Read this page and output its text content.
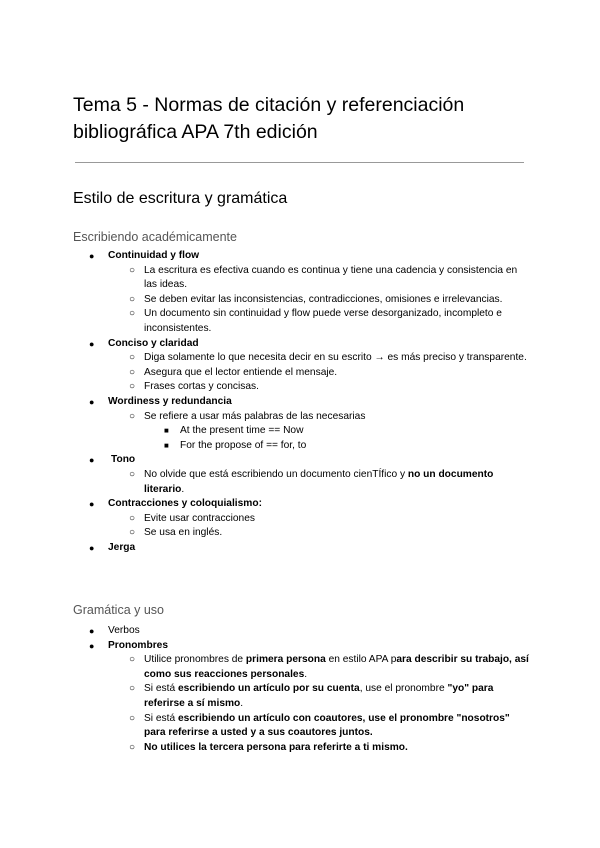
Tema 5 - Normas de citación y referenciación bibliográfica APA 7th edición
Estilo de escritura y gramática
Escribiendo académicamente
● Continuidad y flow
○ La escritura es efectiva cuando es continua y tiene una cadencia y consistencia en las ideas.
○ Se deben evitar las inconsistencias, contradicciones, omisiones e irrelevancias.
○ Un documento sin continuidad y flow puede verse desorganizado, incompleto e inconsistentes.
● Conciso y claridad
○ Diga solamente lo que necesita decir en su escrito → es más preciso y transparente.
○ Asegura que el lector entiende el mensaje.
○ Frases cortas y concisas.
● Wordiness y redundancia
○ Se refiere a usar más palabras de las necesarias
■ At the present time == Now
■ For the propose of == for, to
● Tono
○ No olvide que está escribiendo un documento cienTÍfico y no un documento literario.
● Contracciones y coloquialismo:
○ Evite usar contracciones
○ Se usa en inglés.
● Jerga
Gramática y uso
● Verbos
● Pronombres
○ Utilice pronombres de primera persona en estilo APA para describir su trabajo, así como sus reacciones personales.
○ Si está escribiendo un artículo por su cuenta, use el pronombre "yo" para referirse a sí mismo.
○ Si está escribiendo un artículo con coautores, use el pronombre "nosotros" para referirse a usted y a sus coautores juntos.
○ No utilices la tercera persona para referirte a ti mismo.
